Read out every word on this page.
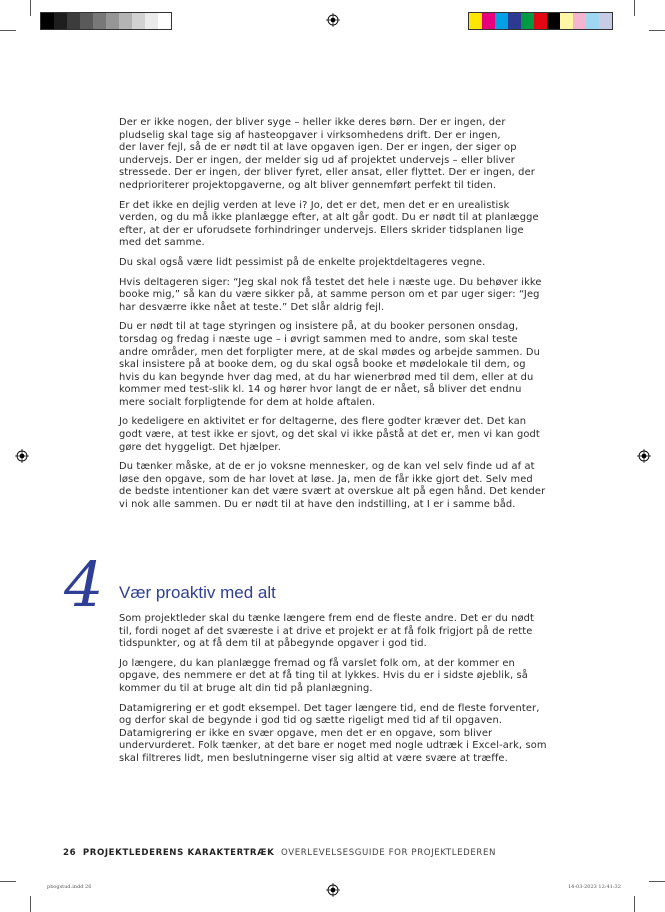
Der er ikke nogen, der bliver syge – heller ikke deres børn. Der er ingen, der
pludselig skal tage sig af hasteopgaver i virksomhedens drift. Der er ingen,
der laver fejl, så de er nødt til at lave opgaven igen. Der er ingen, der siger op
undervejs. Der er ingen, der melder sig ud af projektet undervejs – eller bliver
stressede. Der er ingen, der bliver fyret, eller ansat, eller flyttet. Der er ingen, der
nedprioriterer projektopgaverne, og alt bliver gennemført perfekt til tiden.

Er det ikke en dejlig verden at leve i? Jo, det er det, men det er en urealistisk
verden, og du må ikke planlægge efter, at alt går godt. Du er nødt til at planlægge
efter, at der er uforudsete forhindringer undervejs. Ellers skrider tidsplanen lige
med det samme.

Du skal også være lidt pessimist på de enkelte projektdeltageres vegne.

Hvis deltageren siger: “Jeg skal nok få testet det hele i næste uge. Du behøver ikke
booke mig,” så kan du være sikker på, at samme person om et par uger siger: “Jeg
har desværre ikke nået at teste.” Det slår aldrig fejl.

Du er nødt til at tage styringen og insistere på, at du booker personen onsdag,
torsdag og fredag i næste uge – i øvrigt sammen med to andre, som skal teste
andre områder, men det forpligter mere, at de skal mødes og arbejde sammen. Du
skal insistere på at booke dem, og du skal også booke et mødelokale til dem, og
hvis du kan begynde hver dag med, at du har wienerbrød med til dem, eller at du
kommer med test-slik kl. 14 og hører hvor langt de er nået, så bliver det endnu
mere socialt forpligtende for dem at holde aftalen.

Jo kedeligere en aktivitet er for deltagerne, des flere godter kræver det. Det kan
godt være, at test ikke er sjovt, og det skal vi ikke påstå at det er, men vi kan godt
gøre det hyggeligt. Det hjælper.

Du tænker måske, at de er jo voksne mennesker, og de kan vel selv finde ud af at
løse den opgave, som de har lovet at løse. Ja, men de får ikke gjort det. Selv med
de bedste intentioner kan det være svært at overskue alt på egen hånd. Det kender
vi nok alle sammen. Du er nødt til at have den indstilling, at I er i samme båd.

4 Vær proaktiv med alt

Som projektleder skal du tænke længere frem end de fleste andre. Det er du nødt
til, fordi noget af det sværeste i at drive et projekt er at få folk frigjort på de rette
tidspunkter, og at få dem til at påbegynde opgaver i god tid.

Jo længere, du kan planlægge fremad og få varslet folk om, at der kommer en
opgave, des nemmere er det at få ting til at lykkes. Hvis du er i sidste øjeblik, så
kommer du til at bruge alt din tid på planlægning.

Datamigrering er et godt eksempel. Det tager længere tid, end de fleste forventer,
og derfor skal de begynde i god tid og sætte rigeligt med tid af til opgaven.
Datamigrering er ikke en svær opgave, men det er en opgave, som bliver
undervurderet. Folk tænker, at det bare er noget med nogle udtræk i Excel-ark, som
skal filtreres lidt, men beslutningerne viser sig altid at være svære at træffe.

26 PROJEKTLEDERENS KARAKTERTRÆK OVERLEVELSESGUIDE FOR PROJEKTLEDEREN
pbogstud.indd 26	14-03-2023 12:41:32
